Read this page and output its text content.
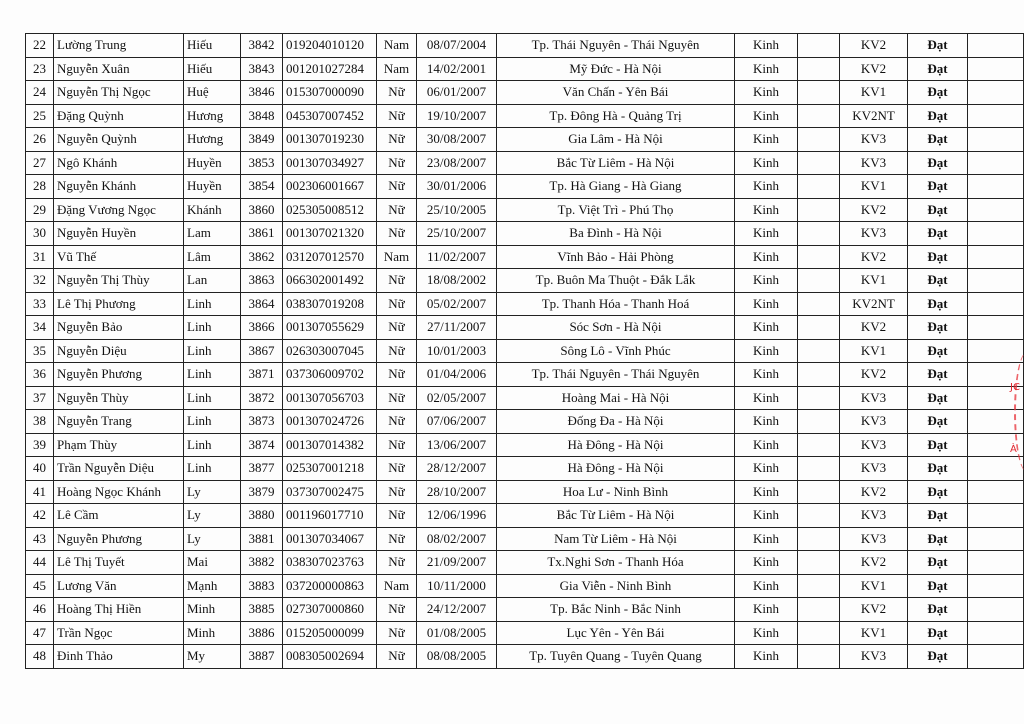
22	Lường Trung	Hiếu	3842	019204010120	Nam	08/07/2004	Tp. Thái Nguyên - Thái Nguyên	Kinh		KV2	Đạt	
23	Nguyễn Xuân	Hiếu	3843	001201027284	Nam	14/02/2001	Mỹ Đức - Hà Nội	Kinh		KV2	Đạt	
24	Nguyễn Thị Ngọc	Huệ	3846	015307000090	Nữ	06/01/2007	Văn Chấn - Yên Bái	Kinh		KV1	Đạt	
25	Đặng Quỳnh	Hương	3848	045307007452	Nữ	19/10/2007	Tp. Đông Hà - Quảng Trị	Kinh		KV2NT	Đạt	
26	Nguyễn Quỳnh	Hương	3849	001307019230	Nữ	30/08/2007	Gia Lâm - Hà Nội	Kinh		KV3	Đạt	
27	Ngô Khánh	Huyền	3853	001307034927	Nữ	23/08/2007	Bắc Từ Liêm - Hà Nội	Kinh		KV3	Đạt	
28	Nguyễn Khánh	Huyền	3854	002306001667	Nữ	30/01/2006	Tp. Hà Giang - Hà Giang	Kinh		KV1	Đạt	
29	Đặng Vương Ngọc	Khánh	3860	025305008512	Nữ	25/10/2005	Tp. Việt Trì - Phú Thọ	Kinh		KV2	Đạt	
30	Nguyễn Huyền	Lam	3861	001307021320	Nữ	25/10/2007	Ba Đình - Hà Nội	Kinh		KV3	Đạt	
31	Vũ Thế	Lâm	3862	031207012570	Nam	11/02/2007	Vĩnh Bảo - Hải Phòng	Kinh		KV2	Đạt	
32	Nguyễn Thị Thùy	Lan	3863	066302001492	Nữ	18/08/2002	Tp. Buôn Ma Thuột - Đắk Lắk	Kinh		KV1	Đạt	
33	Lê Thị Phương	Linh	3864	038307019208	Nữ	05/02/2007	Tp. Thanh Hóa - Thanh Hoá	Kinh		KV2NT	Đạt	
34	Nguyễn Bảo	Linh	3866	001307055629	Nữ	27/11/2007	Sóc Sơn - Hà Nội	Kinh		KV2	Đạt	
35	Nguyễn Diệu	Linh	3867	026303007045	Nữ	10/01/2003	Sông Lô - Vĩnh Phúc	Kinh		KV1	Đạt	
36	Nguyễn Phương	Linh	3871	037306009702	Nữ	01/04/2006	Tp. Thái Nguyên - Thái Nguyên	Kinh		KV2	Đạt	
37	Nguyễn Thùy	Linh	3872	001307056703	Nữ	02/05/2007	Hoàng Mai - Hà Nội	Kinh		KV3	Đạt	
38	Nguyễn Trang	Linh	3873	001307024726	Nữ	07/06/2007	Đống Đa - Hà Nội	Kinh		KV3	Đạt	
39	Phạm Thùy	Linh	3874	001307014382	Nữ	13/06/2007	Hà Đông - Hà Nội	Kinh		KV3	Đạt	
40	Trần Nguyễn Diệu	Linh	3877	025307001218	Nữ	28/12/2007	Hà Đông - Hà Nội	Kinh		KV3	Đạt	
41	Hoàng Ngọc Khánh	Ly	3879	037307002475	Nữ	28/10/2007	Hoa Lư - Ninh Bình	Kinh		KV2	Đạt	
42	Lê Cầm	Ly	3880	001196017710	Nữ	12/06/1996	Bắc Từ Liêm - Hà Nội	Kinh		KV3	Đạt	
43	Nguyễn Phương	Ly	3881	001307034067	Nữ	08/02/2007	Nam Từ Liêm - Hà Nội	Kinh		KV3	Đạt	
44	Lê Thị Tuyết	Mai	3882	038307023763	Nữ	21/09/2007	Tx.Nghi Sơn - Thanh Hóa	Kinh		KV2	Đạt	
45	Lương Văn	Mạnh	3883	037200000863	Nam	10/11/2000	Gia Viễn - Ninh Bình	Kinh		KV1	Đạt	
46	Hoàng Thị Hiền	Minh	3885	027307000860	Nữ	24/12/2007	Tp. Bắc Ninh - Bắc Ninh	Kinh		KV2	Đạt	
47	Trần Ngọc	Minh	3886	015205000099	Nữ	01/08/2005	Lục Yên - Yên Bái	Kinh		KV1	Đạt	
48	Đinh Thảo	My	3887	008305002694	Nữ	08/08/2005	Tp. Tuyên Quang - Tuyên Quang	Kinh		KV3	Đạt	
JC
À
